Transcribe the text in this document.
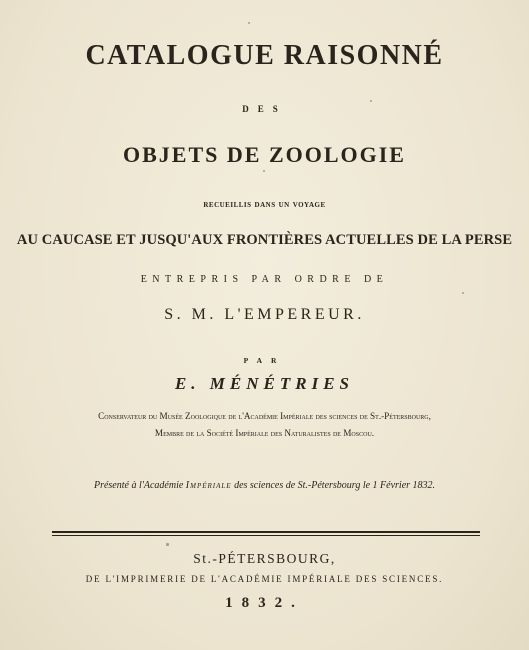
CATALOGUE RAISONNÉ
DES
OBJETS DE ZOOLOGIE
recueillis dans un voyage
AU CAUCASE ET JUSQU'AUX FRONTIÈRES ACTUELLES DE LA PERSE
ENTREPRIS PAR ORDRE DE
S. M. L'EMPEREUR.
PAR
E. MÉNÉTRIES
Conservateur du Musée Zoologique de l'Académie Impériale des sciences de St.-Pétersbourg,
Membre de la Société Impériale des Naturalistes de Moscou.
Présenté à l'Académie Impériale des sciences de St.-Pétersbourg le 1 Février 1832.
St.-PÉTERSBOURG,
DE L'IMPRIMERIE DE L'ACADÉMIE IMPÉRIALE DES SCIENCES.
1832.
